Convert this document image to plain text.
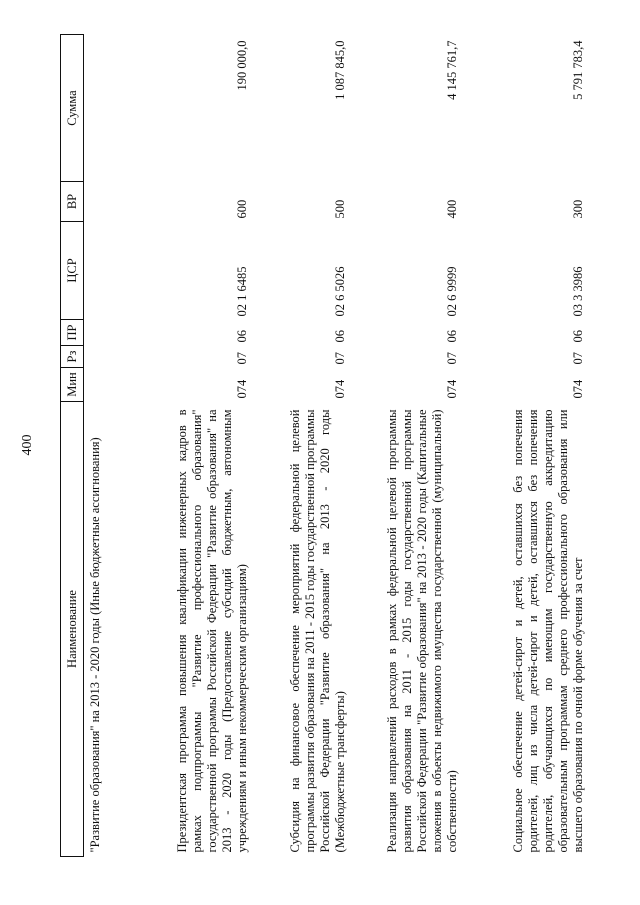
400
Наименование	Мин	Рз	ПР	ЦСР	ВР	Сумма
"Развитие образования" на 2013 - 2020 годы (Иные бюджетные ассигнования)						
Президентская программа повышения квалификации инженерных кадров в рамках подпрограммы "Развитие профессионального образования" государственной программы Российской Федерации "Развитие образования" на 2013 - 2020 годы (Предоставление субсидий бюджетным, автономным учреждениям и иным некоммерческим организациям)	074	07	06	02 1 6485	600	190 000,0
Субсидия на финансовое обеспечение мероприятий федеральной целевой программы развития образования на 2011 - 2015 годы государственной программы Российской Федерации "Развитие образования" на 2013 - 2020 годы (Межбюджетные трансферты)	074	07	06	02 6 5026	500	1 087 845,0
Реализация направлений расходов в рамках федеральной целевой программы развития образования на 2011 - 2015 годы государственной программы Российской Федерации "Развитие образования" на 2013 - 2020 годы (Капитальные вложения в объекты недвижимого имущества государственной (муниципальной) собственности)	074	07	06	02 6 9999	400	4 145 761,7
Социальное обеспечение детей-сирот и детей, оставшихся без попечения родителей, лиц из числа детей-сирот и детей, оставшихся без попечения родителей, обучающихся по имеющим государственную аккредитацию образовательным программам среднего профессионального образования или высшего образования по очной форме обучения за счет	074	07	06	03 3 3986	300	5 791 783,4
